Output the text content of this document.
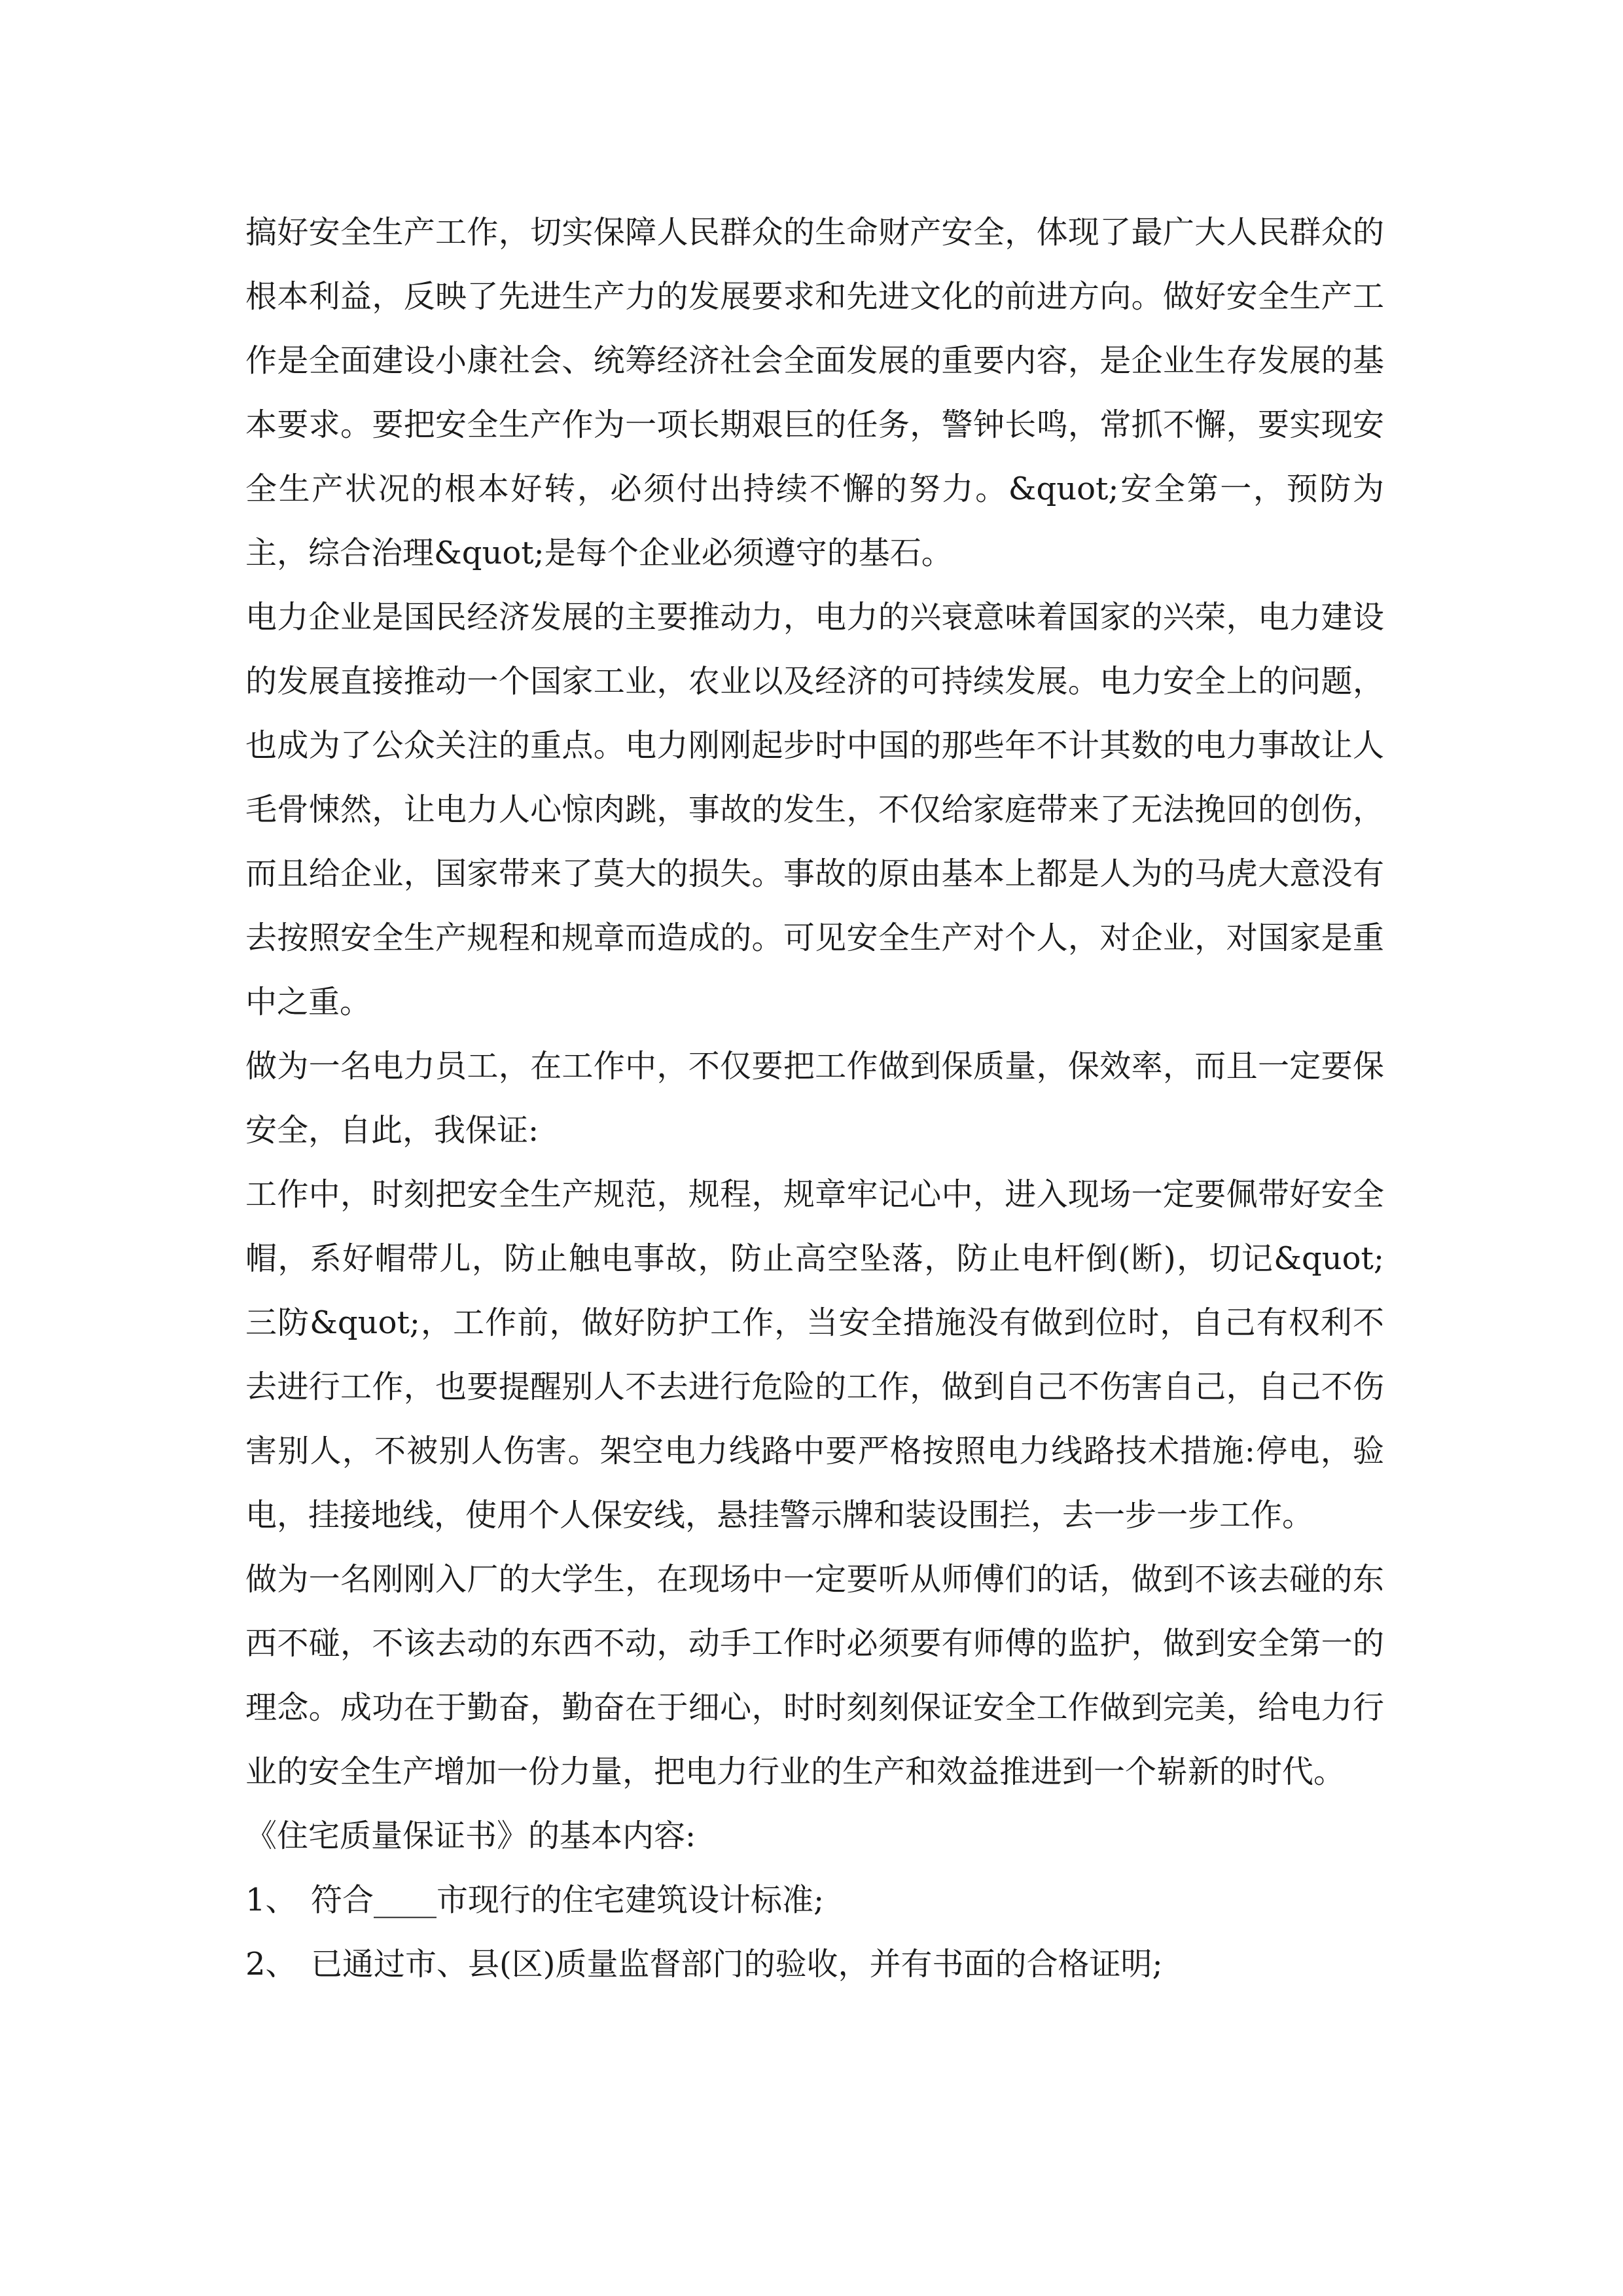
搞好安全生产工作，切实保障人民群众的生命财产安全，体现了最广大人民群众的根本利益，反映了先进生产力的发展要求和先进文化的前进方向。做好安全生产工作是全面建设小康社会、统筹经济社会全面发展的重要内容，是企业生存发展的基本要求。要把安全生产作为一项长期艰巨的任务，警钟长鸣，常抓不懈，要实现安全生产状况的根本好转，必须付出持续不懈的努力。&quot;安全第一，预防为主，综合治理&quot;是每个企业必须遵守的基石。

电力企业是国民经济发展的主要推动力，电力的兴衰意味着国家的兴荣，电力建设的发展直接推动一个国家工业，农业以及经济的可持续发展。电力安全上的问题，也成为了公众关注的重点。电力刚刚起步时中国的那些年不计其数的电力事故让人毛骨悚然，让电力人心惊肉跳，事故的发生，不仅给家庭带来了无法挽回的创伤，而且给企业，国家带来了莫大的损失。事故的原由基本上都是人为的马虎大意没有去按照安全生产规程和规章而造成的。可见安全生产对个人，对企业，对国家是重中之重。

做为一名电力员工，在工作中，不仅要把工作做到保质量，保效率，而且一定要保安全，自此，我保证:

工作中，时刻把安全生产规范，规程，规章牢记心中，进入现场一定要佩带好安全帽，系好帽带儿，防止触电事故，防止高空坠落，防止电杆倒(断)，切记&quot;三防&quot;，工作前，做好防护工作，当安全措施没有做到位时，自己有权利不去进行工作，也要提醒别人不去进行危险的工作，做到自己不伤害自己，自己不伤害别人，不被别人伤害。架空电力线路中要严格按照电力线路技术措施:停电，验电，挂接地线，使用个人保安线，悬挂警示牌和装设围拦，去一步一步工作。

做为一名刚刚入厂的大学生，在现场中一定要听从师傅们的话，做到不该去碰的东西不碰，不该去动的东西不动，动手工作时必须要有师傅的监护，做到安全第一的理念。成功在于勤奋，勤奋在于细心，时时刻刻保证安全工作做到完美，给电力行业的安全生产增加一份力量，把电力行业的生产和效益推进到一个崭新的时代。

《住宅质量保证书》的基本内容:

1、 符合____市现行的住宅建筑设计标准;

2、 已通过市、县(区)质量监督部门的验收，并有书面的合格证明;
